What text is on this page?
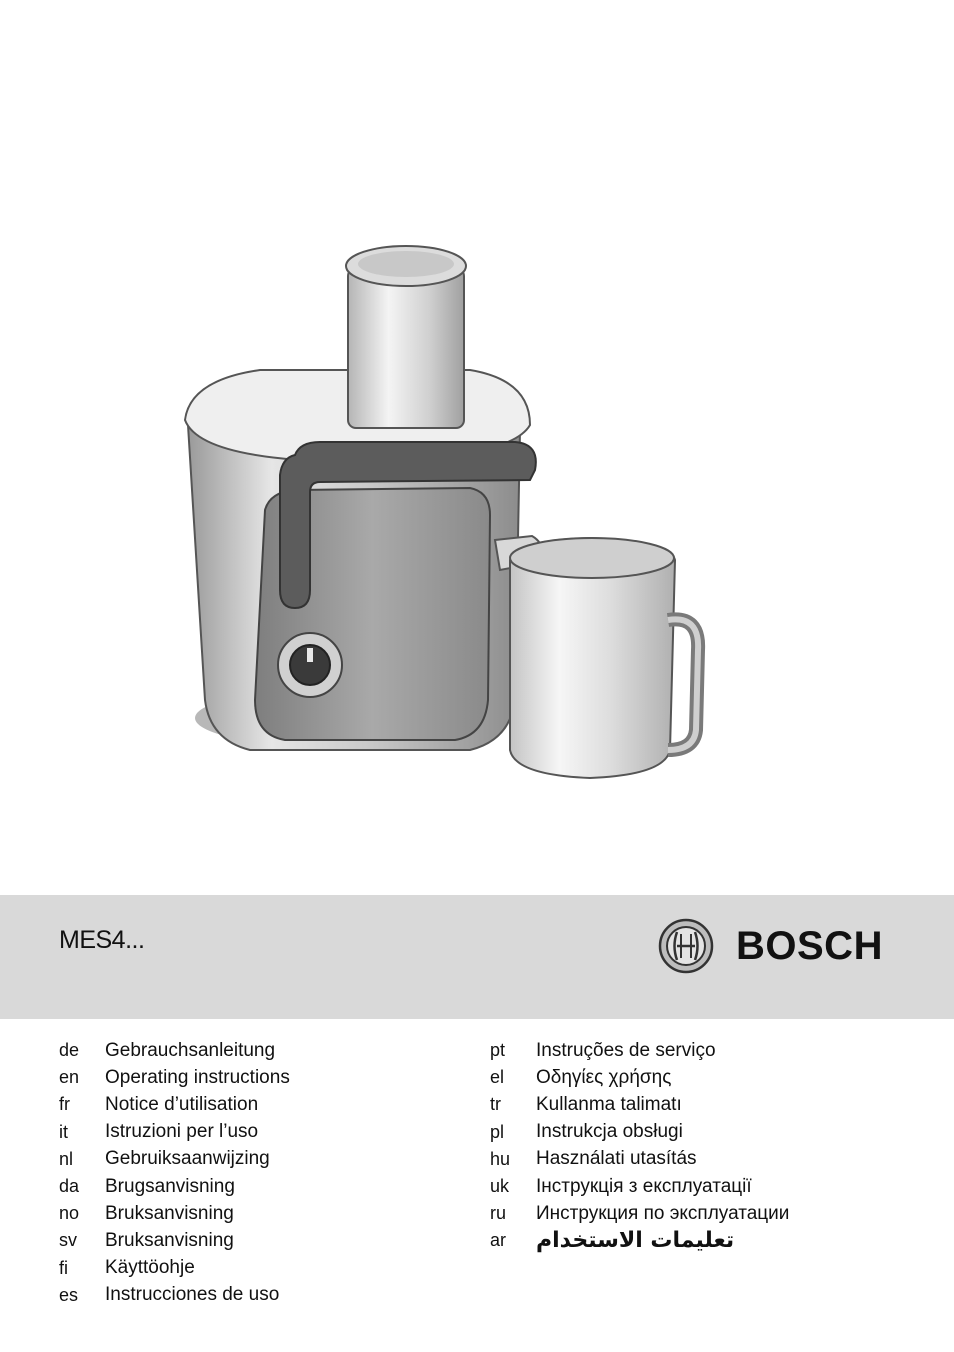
MES4...	BOSCH
de	Gebrauchsanleitung
en	Operating instructions
fr	Notice d’utilisation
it	Istruzioni per l’uso
nl	Gebruiksaanwijzing
da	Brugsanvisning
no	Bruksanvisning
sv	Bruksanvisning
fi	Käyttöohje
es	Instrucciones de uso
pt	Instruções de serviço
el	Οδηγίες χρήσης
tr	Kullanma talimatı
pl	Instrukcja obsługi
hu	Használati utasítás
uk	Інструкція з експлуатації
ru	Инструкция по эксплуатации
ar	تعليمات الاستخدام
